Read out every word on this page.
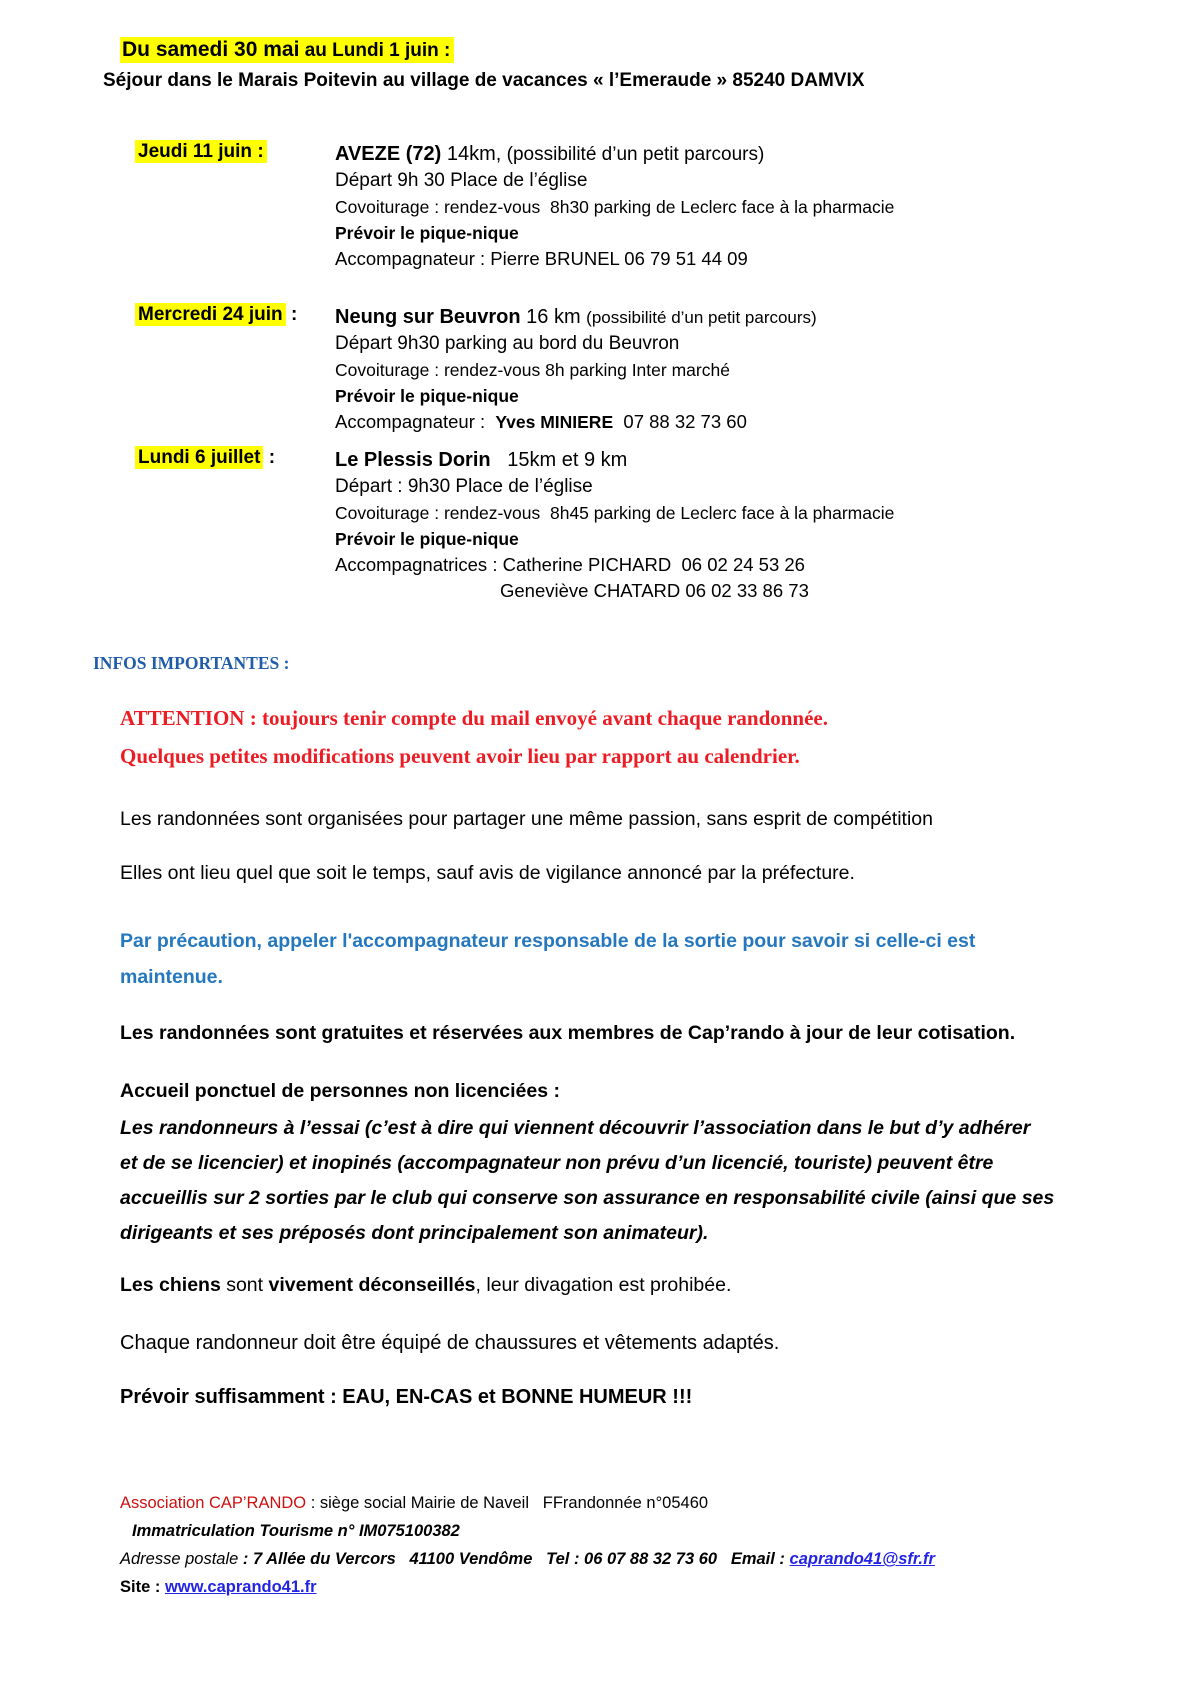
Du samedi 30 mai au Lundi 1 juin :
Séjour dans le Marais Poitevin au village de vacances « l’Emeraude » 85240 DAMVIX
Jeudi 11 juin :	AVEZE (72) 14km, (possibilité d’un petit parcours)
Départ 9h 30 Place de l’église
Covoiturage : rendez-vous  8h30 parking de Leclerc face à la pharmacie
Prévoir le pique-nique
Accompagnateur : Pierre BRUNEL 06 79 51 44 09
Mercredi 24 juin :	Neung sur Beuvron 16 km (possibilité d’un petit parcours)
Départ 9h30 parking au bord du Beuvron
Covoiturage : rendez-vous 8h parking Inter marché
Prévoir le pique-nique
Accompagnateur :  Yves MINIERE  07 88 32 73 60
Lundi 6 juillet :	Le Plessis Dorin   15km et 9 km
Départ : 9h30 Place de l’église
Covoiturage : rendez-vous  8h45 parking de Leclerc face à la pharmacie
Prévoir le pique-nique
Accompagnatrices : Catherine PICHARD  06 02 24 53 26
Geneviève CHATARD 06 02 33 86 73
INFOS IMPORTANTES :
ATTENTION : toujours tenir compte du mail envoyé avant chaque randonnée.
Quelques petites modifications peuvent avoir lieu par rapport au calendrier.

Les randonnées sont organisées pour partager une même passion, sans esprit de compétition

Elles ont lieu quel que soit le temps, sauf avis de vigilance annoncé par la préfecture.

Par précaution, appeler l'accompagnateur responsable de la sortie pour savoir si celle-ci est
maintenue.

Les randonnées sont gratuites et réservées aux membres de Cap’rando à jour de leur cotisation.

Accueil ponctuel de personnes non licenciées :

Les randonneurs à l’essai (c’est à dire qui viennent découvrir l’association dans le but d’y adhérer
et de se licencier) et inopinés (accompagnateur non prévu d’un licencié, touriste) peuvent être
accueillis sur 2 sorties par le club qui conserve son assurance en responsabilité civile (ainsi que ses
dirigeants et ses préposés dont principalement son animateur).

Les chiens sont vivement déconseillés, leur divagation est prohibée.

Chaque randonneur doit être équipé de chaussures et vêtements adaptés.

Prévoir suffisamment : EAU, EN-CAS et BONNE HUMEUR !!!

Association CAP’RANDO : siège social Mairie de Naveil   FFrandonnée n°05460
Immatriculation Tourisme n° IM075100382
Adresse postale : 7 Allée du Vercors   41100 Vendôme   Tel : 06 07 88 32 73 60   Email : caprando41@sfr.fr
Site : www.caprando41.fr
